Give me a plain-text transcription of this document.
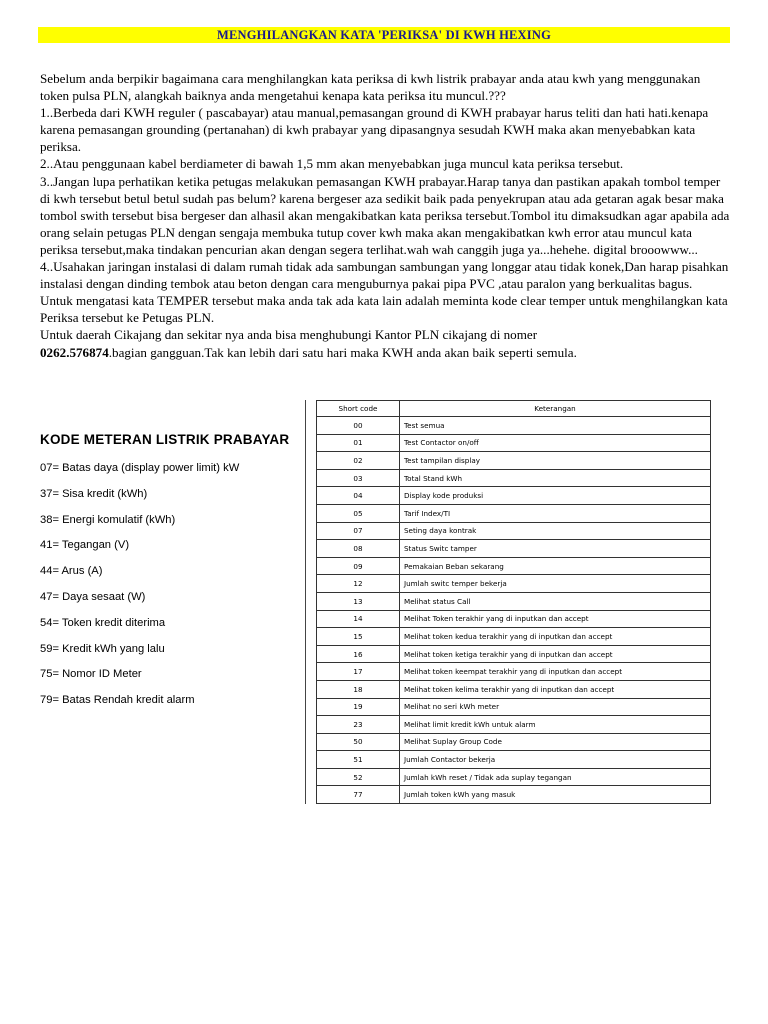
MENGHILANGKAN KATA 'PERIKSA' DI KWH HEXING

Sebelum anda berpikir bagaimana cara menghilangkan kata periksa di kwh listrik prabayar anda atau kwh yang menggunakan token pulsa PLN, alangkah baiknya anda mengetahui kenapa kata periksa itu muncul.???

1..Berbeda dari KWH reguler ( pascabayar) atau manual,pemasangan ground di KWH prabayar harus teliti dan hati hati.kenapa karena pemasangan grounding (pertanahan) di kwh prabayar yang dipasangnya sesudah KWH maka akan menyebabkan kata periksa.

2..Atau penggunaan kabel berdiameter di bawah 1,5 mm akan menyebabkan juga muncul kata periksa tersebut.

3..Jangan lupa perhatikan ketika petugas melakukan pemasangan KWH prabayar.Harap tanya dan pastikan apakah tombol temper di kwh tersebut betul betul sudah pas belum? karena bergeser aza sedikit baik pada penyekrupan atau ada getaran agak besar maka tombol swith tersebut bisa bergeser dan alhasil akan mengakibatkan kata periksa tersebut.Tombol itu dimaksudkan agar apabila ada orang selain petugas PLN dengan sengaja membuka tutup cover kwh maka akan mengakibatkan kwh error atau muncul kata periksa tersebut,maka tindakan pencurian akan dengan segera terlihat.wah wah canggih juga ya...hehehe. digital brooowww...

4..Usahakan jaringan instalasi di dalam rumah tidak ada sambungan sambungan yang longgar atau tidak konek,Dan harap pisahkan instalasi dengan dinding tembok atau beton dengan cara menguburnya pakai pipa PVC ,atau paralon yang berkualitas bagus.

Untuk mengatasi kata TEMPER tersebut maka anda tak ada kata lain adalah meminta kode clear temper untuk menghilangkan kata Periksa tersebut ke Petugas PLN.

Untuk daerah Cikajang dan sekitar nya anda bisa menghubungi Kantor PLN cikajang di nomer

0262.576874.bagian gangguan.Tak kan lebih dari satu hari maka KWH anda akan baik seperti semula.

KODE METERAN LISTRIK PRABAYAR
07= Batas daya (display power limit) kW
37= Sisa kredit (kWh)
38= Energi komulatif (kWh)
41= Tegangan (V)
44= Arus (A)
47= Daya sesaat (W)
54= Token kredit diterima
59= Kredit kWh yang lalu
75= Nomor ID Meter
79= Batas Rendah kredit alarm
Short code	Keterangan
00	Test semua
01	Test Contactor on/off
02	Test tampilan display
03	Total Stand kWh
04	Display kode produksi
05	Tarif Index/TI
07	Seting daya kontrak
08	Status Switc tamper
09	Pemakaian Beban sekarang
12	Jumlah switc temper bekerja
13	Melihat status Call
14	Melihat Token terakhir yang di inputkan dan accept
15	Melihat token kedua terakhir yang di inputkan dan accept
16	Melihat token ketiga terakhir yang di inputkan dan accept
17	Melihat token keempat terakhir yang di inputkan dan accept
18	Melihat token kelima terakhir yang di inputkan dan accept
19	Melihat no seri kWh meter
23	Melihat limit kredit kWh untuk alarm
50	Melihat Suplay Group Code
51	Jumlah Contactor bekerja
52	Jumlah kWh reset / Tidak ada suplay tegangan
77	Jumlah token kWh yang masuk
